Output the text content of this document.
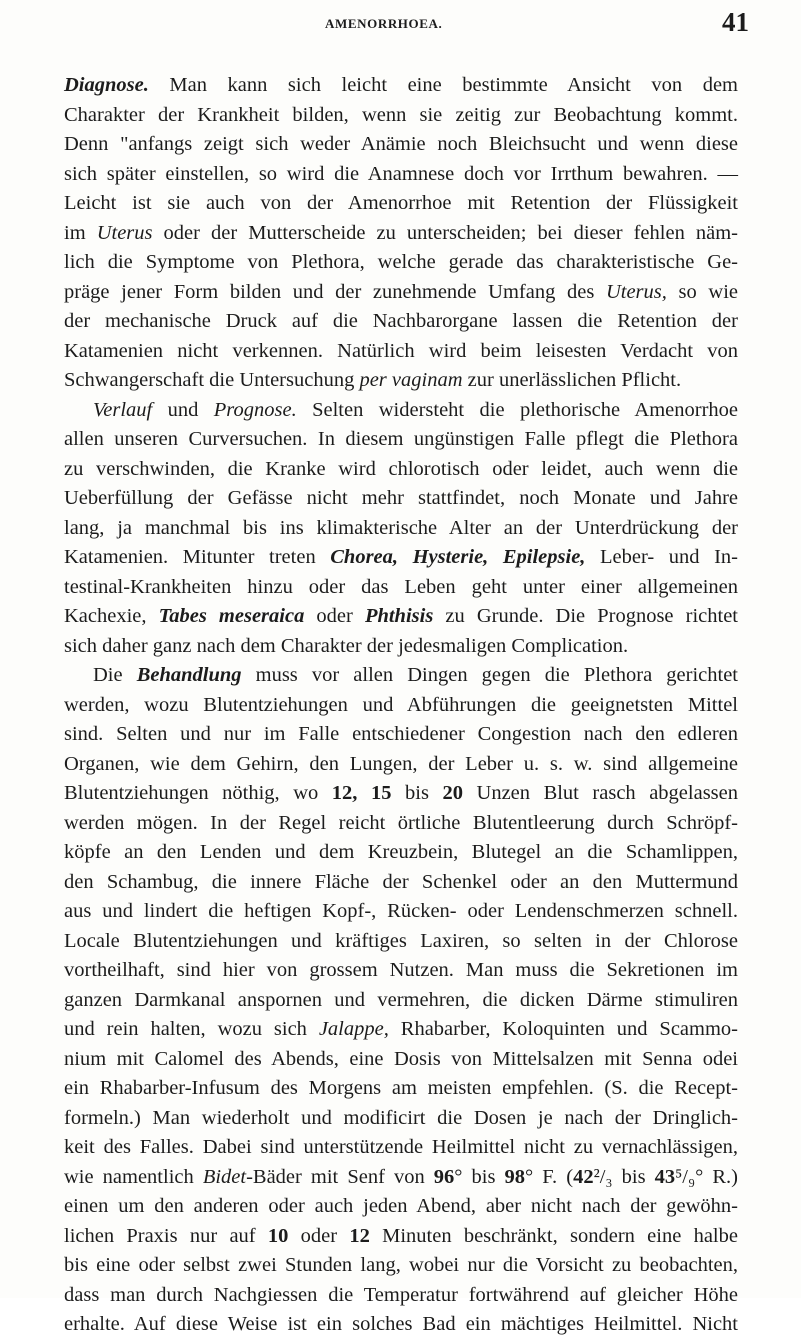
AMENORRHOEA.	41
Diagnose. Man kann sich leicht eine bestimmte Ansicht von dem
Charakter der Krankheit bilden, wenn sie zeitig zur Beobachtung kommt.
Denn "anfangs zeigt sich weder Anämie noch Bleichsucht und wenn diese
sich später einstellen, so wird die Anamnese doch vor Irrthum bewahren. —
Leicht ist sie auch von der Amenorrhoe mit Retention der Flüssigkeit
im Uterus oder der Mutterscheide zu unterscheiden; bei dieser fehlen näm-
lich die Symptome von Plethora, welche gerade das charakteristische Ge-
präge jener Form bilden und der zunehmende Umfang des Uterus, so wie
der mechanische Druck auf die Nachbarorgane lassen die Retention der
Katamenien nicht verkennen. Natürlich wird beim leisesten Verdacht von
Schwangerschaft die Untersuchung per vaginam zur unerlässlichen Pflicht.
Verlauf und Prognose. Selten widersteht die plethorische Amenorrhoe
allen unseren Curversuchen. In diesem ungünstigen Falle pflegt die Plethora
zu verschwinden, die Kranke wird chlorotisch oder leidet, auch wenn die
Ueberfüllung der Gefässe nicht mehr stattfindet, noch Monate und Jahre
lang, ja manchmal bis ins klimakterische Alter an der Unterdrückung der
Katamenien. Mitunter treten Chorea, Hysterie, Epilepsie, Leber- und In-
testinal-Krankheiten hinzu oder das Leben geht unter einer allgemeinen
Kachexie, Tabes meseraica oder Phthisis zu Grunde. Die Prognose richtet
sich daher ganz nach dem Charakter der jedesmaligen Complication.
Die Behandlung muss vor allen Dingen gegen die Plethora gerichtet
werden, wozu Blutentziehungen und Abführungen die geeignetsten Mittel
sind. Selten und nur im Falle entschiedener Congestion nach den edleren
Organen, wie dem Gehirn, den Lungen, der Leber u. s. w. sind allgemeine
Blutentziehungen nöthig, wo 12, 15 bis 20 Unzen Blut rasch abgelassen
werden mögen. In der Regel reicht örtliche Blutentleerung durch Schröpf-
köpfe an den Lenden und dem Kreuzbein, Blutegel an die Schamlippen,
den Schambug, die innere Fläche der Schenkel oder an den Muttermund
aus und lindert die heftigen Kopf-, Rücken- oder Lendenschmerzen schnell.
Locale Blutentziehungen und kräftiges Laxiren, so selten in der Chlorose
vortheilhaft, sind hier von grossem Nutzen. Man muss die Sekretionen im
ganzen Darmkanal anspornen und vermehren, die dicken Därme stimuliren
und rein halten, wozu sich Jalappe, Rhabarber, Koloquinten und Scammo-
nium mit Calomel des Abends, eine Dosis von Mittelsalzen mit Senna odei
ein Rhabarber-Infusum des Morgens am meisten empfehlen. (S. die Recept-
formeln.) Man wiederholt und modificirt die Dosen je nach der Dringlich-
keit des Falles. Dabei sind unterstützende Heilmittel nicht zu vernachlässigen,
wie namentlich Bidet-Bäder mit Senf von 96° bis 98° F. (42²/₃ bis 43⁵/₉° R.)
einen um den anderen oder auch jeden Abend, aber nicht nach der gewöhn-
lichen Praxis nur auf 10 oder 12 Minuten beschränkt, sondern eine halbe
bis eine oder selbst zwei Stunden lang, wobei nur die Vorsicht zu beobachten,
dass man durch Nachgiessen die Temperatur fortwährend auf gleicher Höhe
erhalte. Auf diese Weise ist ein solches Bad ein mächtiges Heilmittel. Nicht
